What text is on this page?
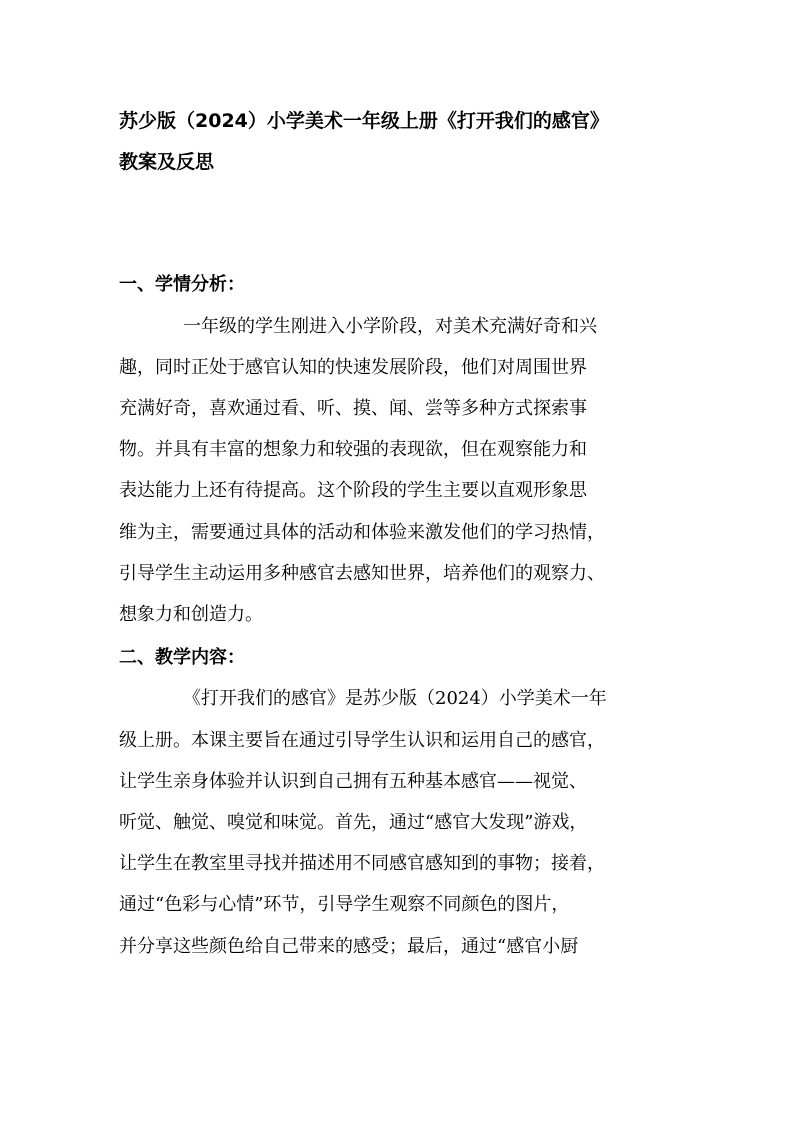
苏少版（2024）小学美术一年级上册《打开我们的感官》
教案及反思
一、学情分析：

一年级的学生刚进入小学阶段，对美术充满好奇和兴

趣，同时正处于感官认知的快速发展阶段，他们对周围世界

充满好奇，喜欢通过看、听、摸、闻、尝等多种方式探索事

物。并具有丰富的想象力和较强的表现欲，但在观察能力和

表达能力上还有待提高。这个阶段的学生主要以直观形象思

维为主，需要通过具体的活动和体验来激发他们的学习热情，

引导学生主动运用多种感官去感知世界，培养他们的观察力、

想象力和创造力。

二、教学内容：

《打开我们的感官》是苏少版（2024）小学美术一年

级上册。本课主要旨在通过引导学生认识和运用自己的感官，

让学生亲身体验并认识到自己拥有五种基本感官——视觉、

听觉、触觉、嗅觉和味觉。首先，通过“感官大发现”游戏，

让学生在教室里寻找并描述用不同感官感知到的事物；接着，

通过“色彩与心情”环节，引导学生观察不同颜色的图片，

并分享这些颜色给自己带来的感受；最后，通过“感官小厨
